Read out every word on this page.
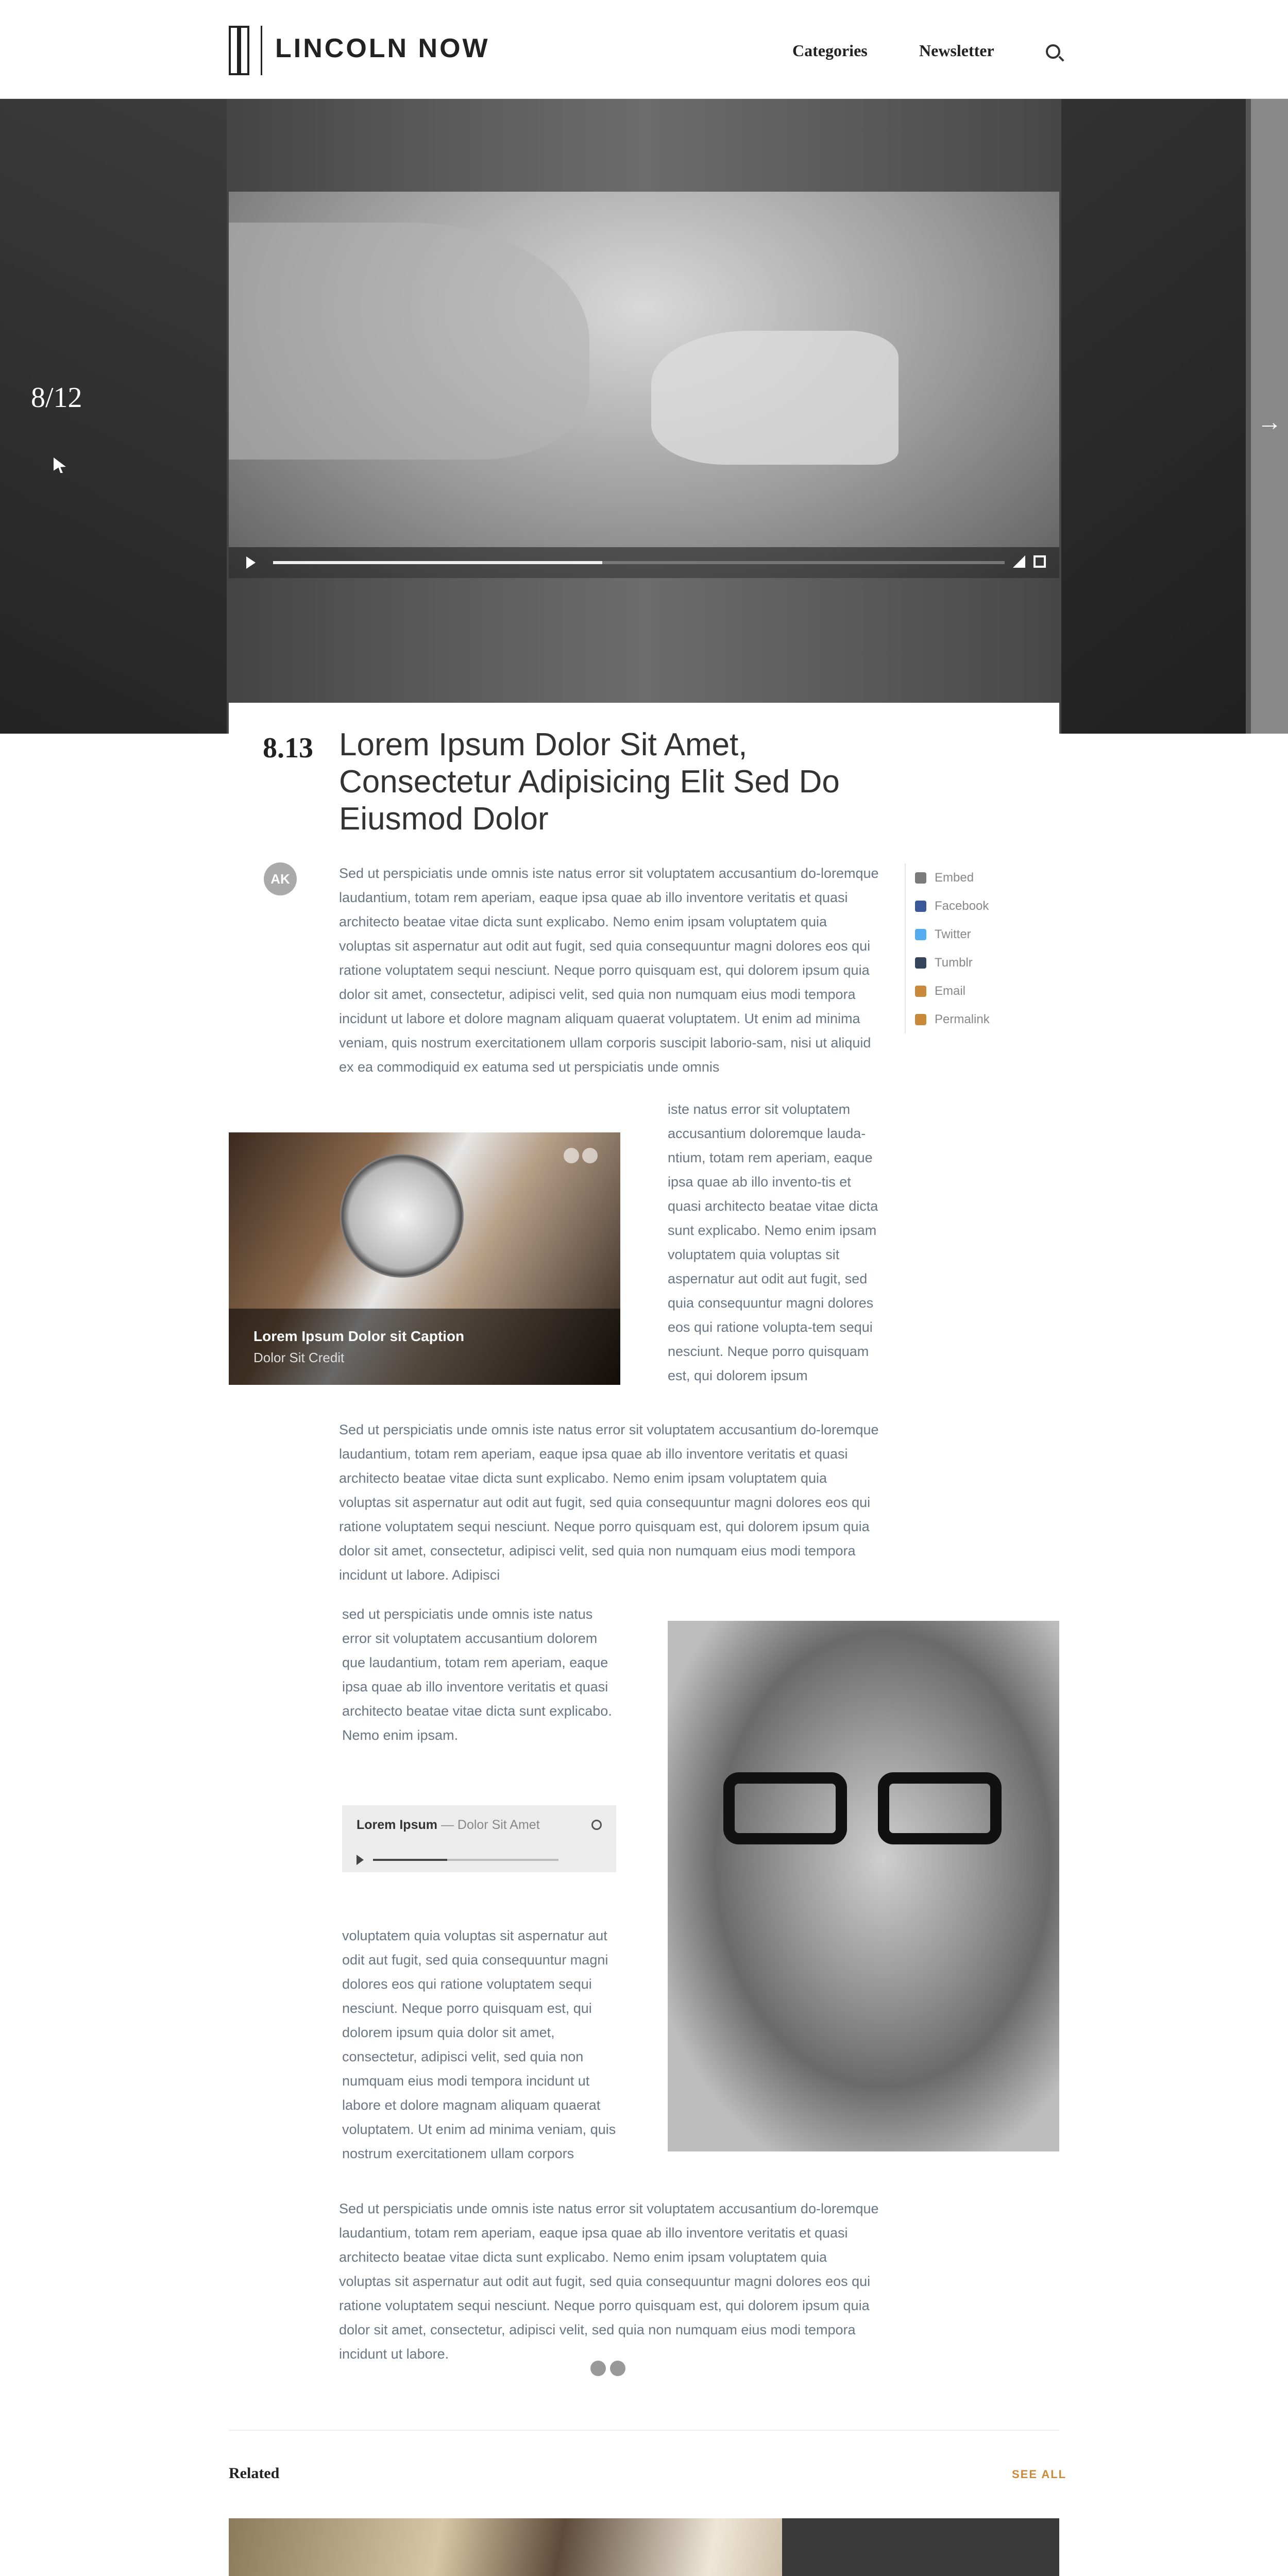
LINCOLN NOW	Categories	Newsletter
8/12
→
8.13 Lorem Ipsum Dolor Sit Amet, Consectetur Adipisicing Elit Sed Do Eiusmod Dolor
AK	Sed ut perspiciatis unde omnis iste natus error sit voluptatem accusantium do-loremque laudantium, totam rem aperiam, eaque ipsa quae ab illo inventore veritatis et quasi architecto beatae vitae dicta sunt explicabo. Nemo enim ipsam voluptatem quia voluptas sit aspernatur aut odit aut fugit, sed quia consequuntur magni dolores eos qui ratione voluptatem sequi nesciunt. Neque porro quisquam est, qui dolorem ipsum quia dolor sit amet, consectetur, adipisci velit, sed quia non numquam eius modi tempora incidunt ut labore et dolore magnam aliquam quaerat voluptatem. Ut enim ad minima veniam, quis nostrum exercitationem ullam corporis suscipit laborio-sam, nisi ut aliquid ex ea commodiquid ex eatuma sed ut perspiciatis unde omnis
Embed
Facebook
Twitter
Tumblr
Email
Permalink
Lorem Ipsum Dolor sit Caption
Dolor Sit Credit
iste natus error sit voluptatem accusantium doloremque lauda-ntium, totam rem aperiam, eaque ipsa quae ab illo invento-tis et quasi architecto beatae vitae dicta sunt explicabo. Nemo enim ipsam voluptatem quia voluptas sit aspernatur aut odit aut fugit, sed quia consequuntur magni dolores eos qui ratione volupta-tem sequi nesciunt. Neque porro quisquam est, qui dolorem ipsum
Sed ut perspiciatis unde omnis iste natus error sit voluptatem accusantium do-loremque laudantium, totam rem aperiam, eaque ipsa quae ab illo inventore veritatis et quasi architecto beatae vitae dicta sunt explicabo. Nemo enim ipsam voluptatem quia voluptas sit aspernatur aut odit aut fugit, sed quia consequuntur magni dolores eos qui ratione voluptatem sequi nesciunt. Neque porro quisquam est, qui dolorem ipsum quia dolor sit amet, consectetur, adipisci velit, sed quia non numquam eius modi tempora incidunt ut labore. Adipisci
sed ut perspiciatis unde omnis iste natus error sit voluptatem accusantium dolorem que laudantium, totam rem aperiam, eaque ipsa quae ab illo inventore veritatis et quasi architecto beatae vitae dicta sunt explicabo. Nemo enim ipsam.
Lorem Ipsum — Dolor Sit Amet
voluptatem quia voluptas sit aspernatur aut odit aut fugit, sed quia consequuntur magni dolores eos qui ratione voluptatem sequi nesciunt. Neque porro quisquam est, qui dolorem ipsum quia dolor sit amet, consectetur, adipisci velit, sed quia non numquam eius modi tempora incidunt ut labore et dolore magnam aliquam quaerat voluptatem. Ut enim ad minima veniam, quis nostrum exercitationem ullam corpors
Sed ut perspiciatis unde omnis iste natus error sit voluptatem accusantium do-loremque laudantium, totam rem aperiam, eaque ipsa quae ab illo inventore veritatis et quasi architecto beatae vitae dicta sunt explicabo. Nemo enim ipsam voluptatem quia voluptas sit aspernatur aut odit aut fugit, sed quia consequuntur magni dolores eos qui ratione voluptatem sequi nesciunt. Neque porro quisquam est, qui dolorem ipsum quia dolor sit amet, consectetur, adipisci velit, sed quia non numquam eius modi tempora incidunt ut labore.
Related	SEE ALL
